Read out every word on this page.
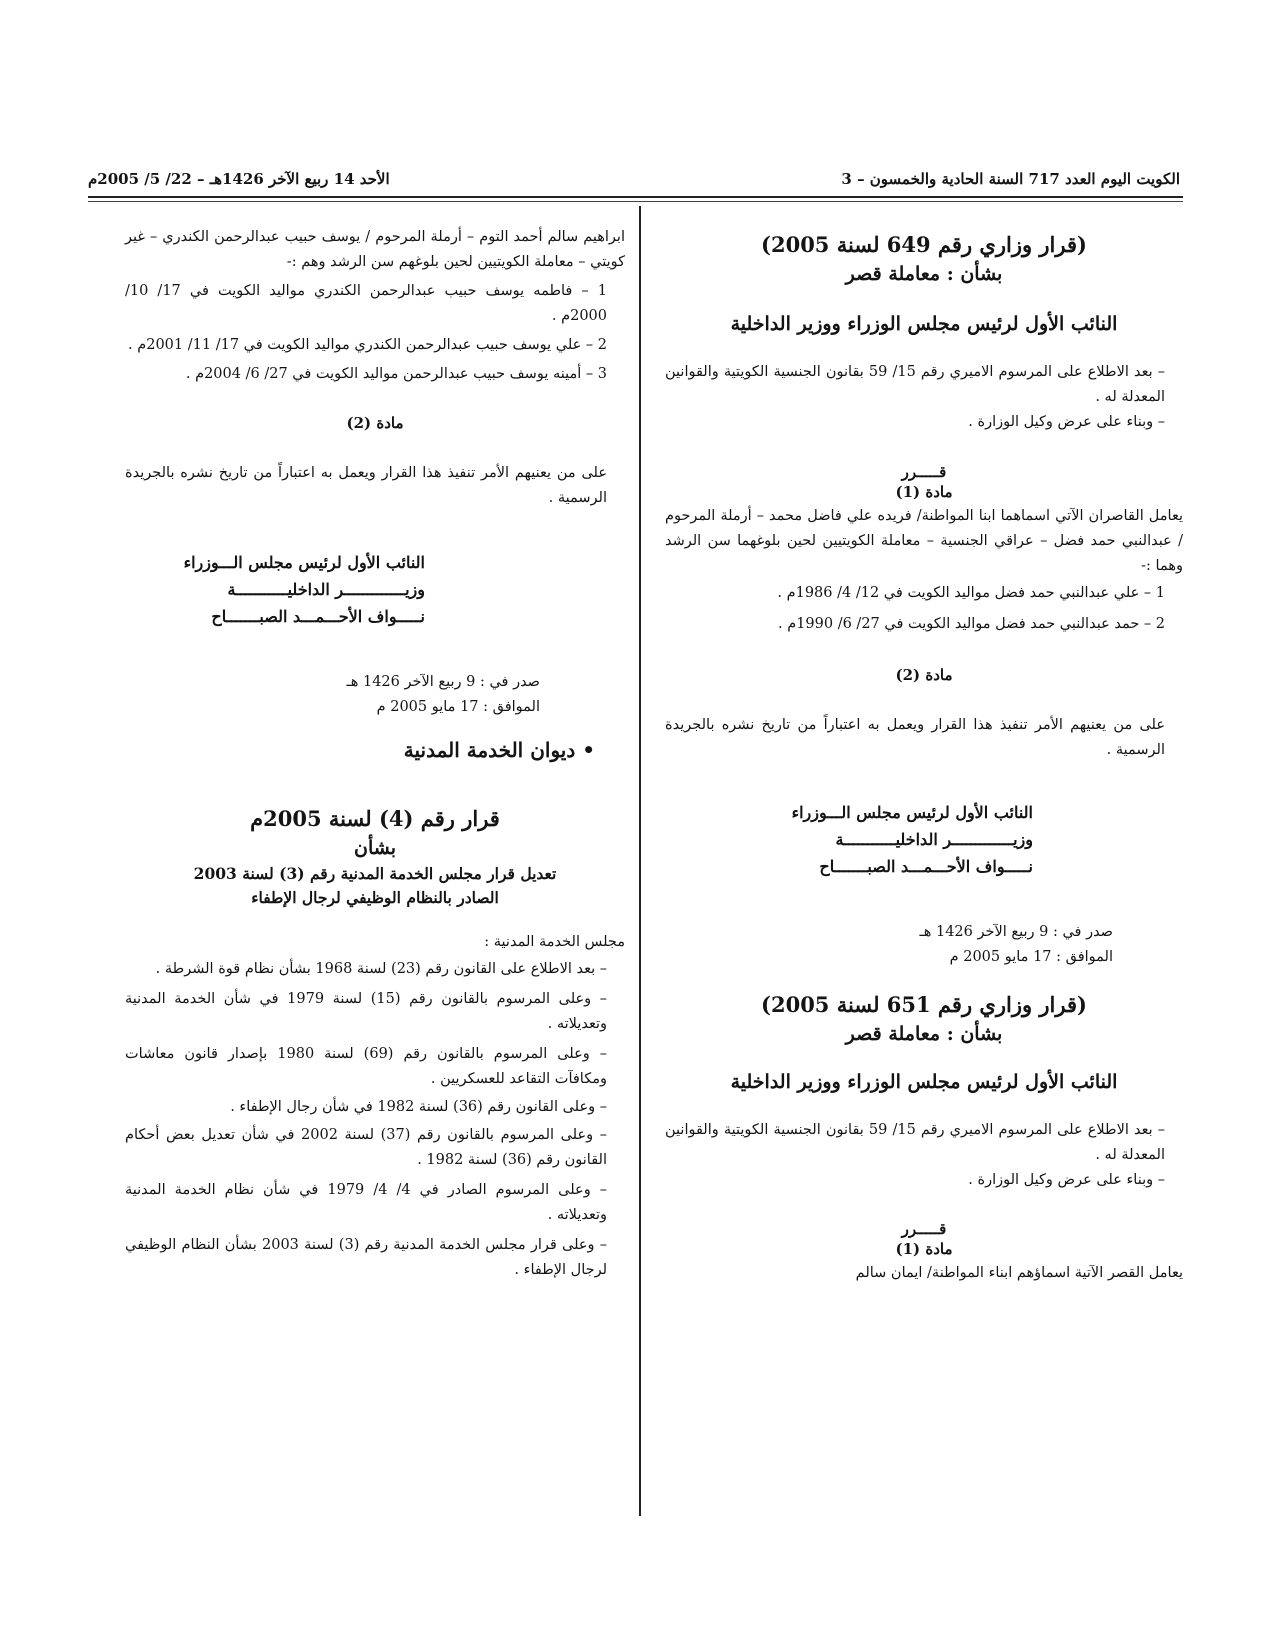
الكويت اليوم العدد 717 السنة الحادية والخمسون – 3
الأحد 14 ربيع الآخر 1426هـ – 22/ 5/ 2005م
(قرار وزاري رقم 649 لسنة 2005)
بشأن : معاملة قصر
النائب الأول لرئيس مجلس الوزراء ووزير الداخلية
– بعد الاطلاع على المرسوم الاميري رقم 15/ 59 بقانون الجنسية الكويتية والقوانين المعدلة له .
– وبناء على عرض وكيل الوزارة .
قـــــرر
مادة (1)
يعامل القاصران الآتي اسماهما ابنا المواطنة/ فريده علي فاضل محمد – أرملة المرحوم / عبدالنبي حمد فضل – عراقي الجنسية – معاملة الكويتيين لحين بلوغهما سن الرشد وهما :-
1 – علي عبدالنبي حمد فضل مواليد الكويت في 12/ 4/ 1986م .
2 – حمد عبدالنبي حمد فضل مواليد الكويت في 27/ 6/ 1990م .
مادة (2)
على من يعنيهم الأمر تنفيذ هذا القرار ويعمل به اعتباراً من تاريخ نشره بالجريدة الرسمية .
النائب الأول لرئيس مجلس الـــوزراء
وزيـــــــــــــر الداخليـــــــــــة
نـــــواف الأحـــمـــد الصبـــــــاح
صدر في : 9 ربيع الآخر 1426 هـ
الموافق : 17 مايو 2005 م
(قرار وزاري رقم 651 لسنة 2005)
بشأن : معاملة قصر
النائب الأول لرئيس مجلس الوزراء ووزير الداخلية
– بعد الاطلاع على المرسوم الاميري رقم 15/ 59 بقانون الجنسية الكويتية والقوانين المعدلة له .
– وبناء على عرض وكيل الوزارة .
قـــــرر
مادة (1)
يعامل القصر الآتية اسماؤهم ابناء المواطنة/ ايمان سالم
ابراهيم سالم أحمد التوم – أرملة المرحوم / يوسف حبيب عبدالرحمن الكندري – غير كويتي – معاملة الكويتيين لحين بلوغهم سن الرشد وهم :-
1 – فاطمه يوسف حبيب عبدالرحمن الكندري مواليد الكويت في 17/ 10/ 2000م .
2 – علي يوسف حبيب عبدالرحمن الكندري مواليد الكويت في 17/ 11/ 2001م .
3 – أمينه يوسف حبيب عبدالرحمن مواليد الكويت في 27/ 6/ 2004م .
مادة (2)
على من يعنيهم الأمر تنفيذ هذا القرار ويعمل به اعتباراً من تاريخ نشره بالجريدة الرسمية .
النائب الأول لرئيس مجلس الـــوزراء
وزيـــــــــــــر الداخليـــــــــــة
نـــــواف الأحـــمـــد الصبـــــــاح
صدر في : 9 ربيع الآخر 1426 هـ
الموافق : 17 مايو 2005 م
• ديوان الخدمة المدنية
قرار رقم (4) لسنة 2005م
بشأن
تعديل قرار مجلس الخدمة المدنية رقم (3) لسنة 2003
الصادر بالنظام الوظيفي لرجال الإطفاء
مجلس الخدمة المدنية :
– بعد الاطلاع على القانون رقم (23) لسنة 1968 بشأن نظام قوة الشرطة .
– وعلى المرسوم بالقانون رقم (15) لسنة 1979 في شأن الخدمة المدنية وتعديلاته .
– وعلى المرسوم بالقانون رقم (69) لسنة 1980 بإصدار قانون معاشات ومكافآت التقاعد للعسكريين .
– وعلى القانون رقم (36) لسنة 1982 في شأن رجال الإطفاء .
– وعلى المرسوم بالقانون رقم (37) لسنة 2002 في شأن تعديل بعض أحكام القانون رقم (36) لسنة 1982 .
– وعلى المرسوم الصادر في 4/ 4/ 1979 في شأن نظام الخدمة المدنية وتعديلاته .
– وعلى قرار مجلس الخدمة المدنية رقم (3) لسنة 2003 بشأن النظام الوظيفي لرجال الإطفاء .
